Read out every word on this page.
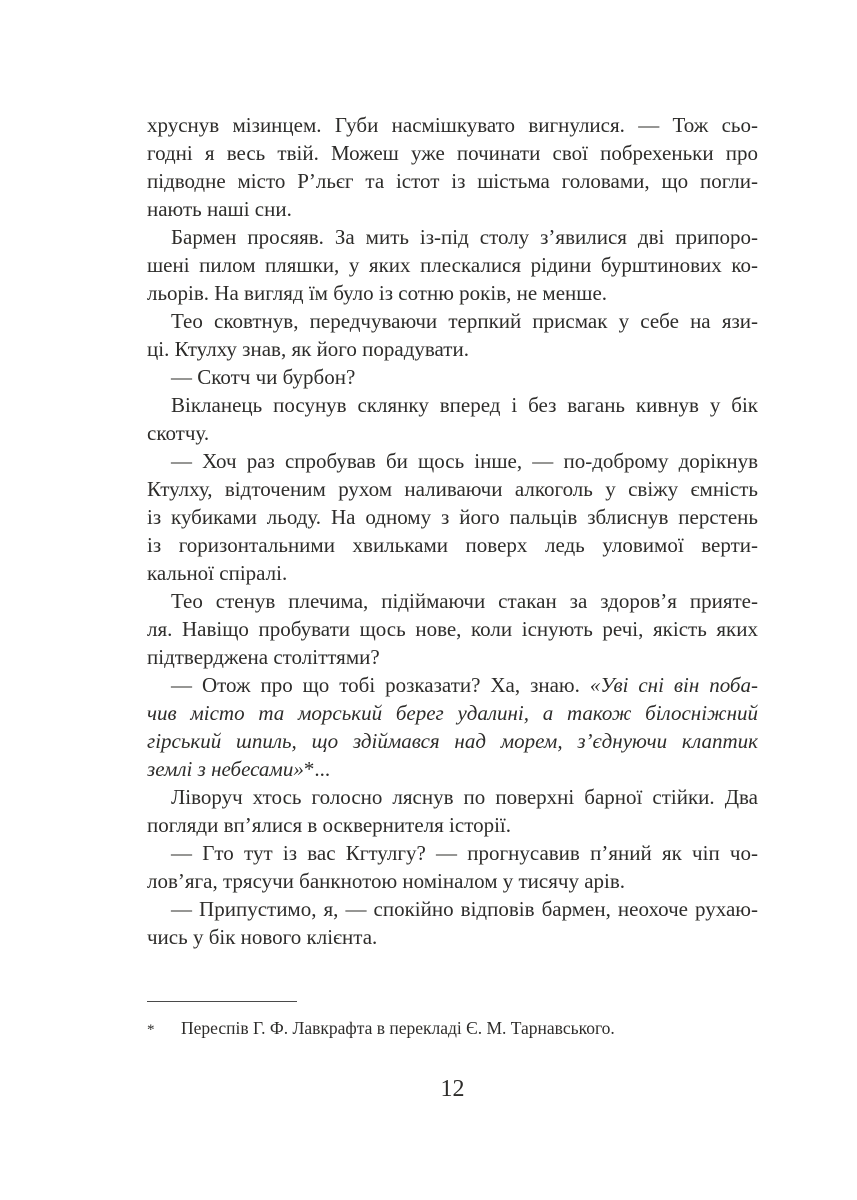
хруснув мізинцем. Губи насмішкувато вигнулися. — Тож сьо-
годні я весь твій. Можеш уже починати свої побрехеньки про
підводне місто Р’льєг та істот із шістьма головами, що погли-
нають наші сни.
Бармен просяяв. За мить із-під столу з’явилися дві припоро-
шені пилом пляшки, у яких плескалися рідини бурштинових ко-
льорів. На вигляд їм було із сотню років, не менше.
Тео сковтнув, передчуваючи терпкий присмак у себе на язи-
ці. Ктулху знав, як його порадувати.
— Скотч чи бурбон?
Вікланець посунув склянку вперед і без вагань кивнув у бік
скотчу.
— Хоч раз спробував би щось інше, — по-доброму дорікнув
Ктулху, відточеним рухом наливаючи алкоголь у свіжу ємність
із кубиками льоду. На одному з його пальців зблиснув перстень
із горизонтальними хвильками поверх ледь уловимої верти-
кальної спіралі.
Тео стенув плечима, підіймаючи стакан за здоров’я прияте-
ля. Навіщо пробувати щось нове, коли існують речі, якість яких
підтверджена століттями?
— Отож про що тобі розказати? Ха, знаю. «Уві сні він поба-
чив місто та морський берег удалині, а також білосніжний
гірський шпиль, що здіймався над морем, з’єднуючи клаптик
землі з небесами»*...
Ліворуч хтось голосно ляснув по поверхні барної стійки. Два
погляди вп’ялися в осквернителя історії.
— Гто тут із вас Кгтулгу? — прогнусавив п’яний як чіп чо-
лов’яга, трясучи банкнотою номіналом у тисячу арів.
— Припустимо, я, — спокійно відповів бармен, неохоче рухаю-
чись у бік нового клієнта.
* Переспів Г. Ф. Лавкрафта в перекладі Є. М. Тарнавського.
12
